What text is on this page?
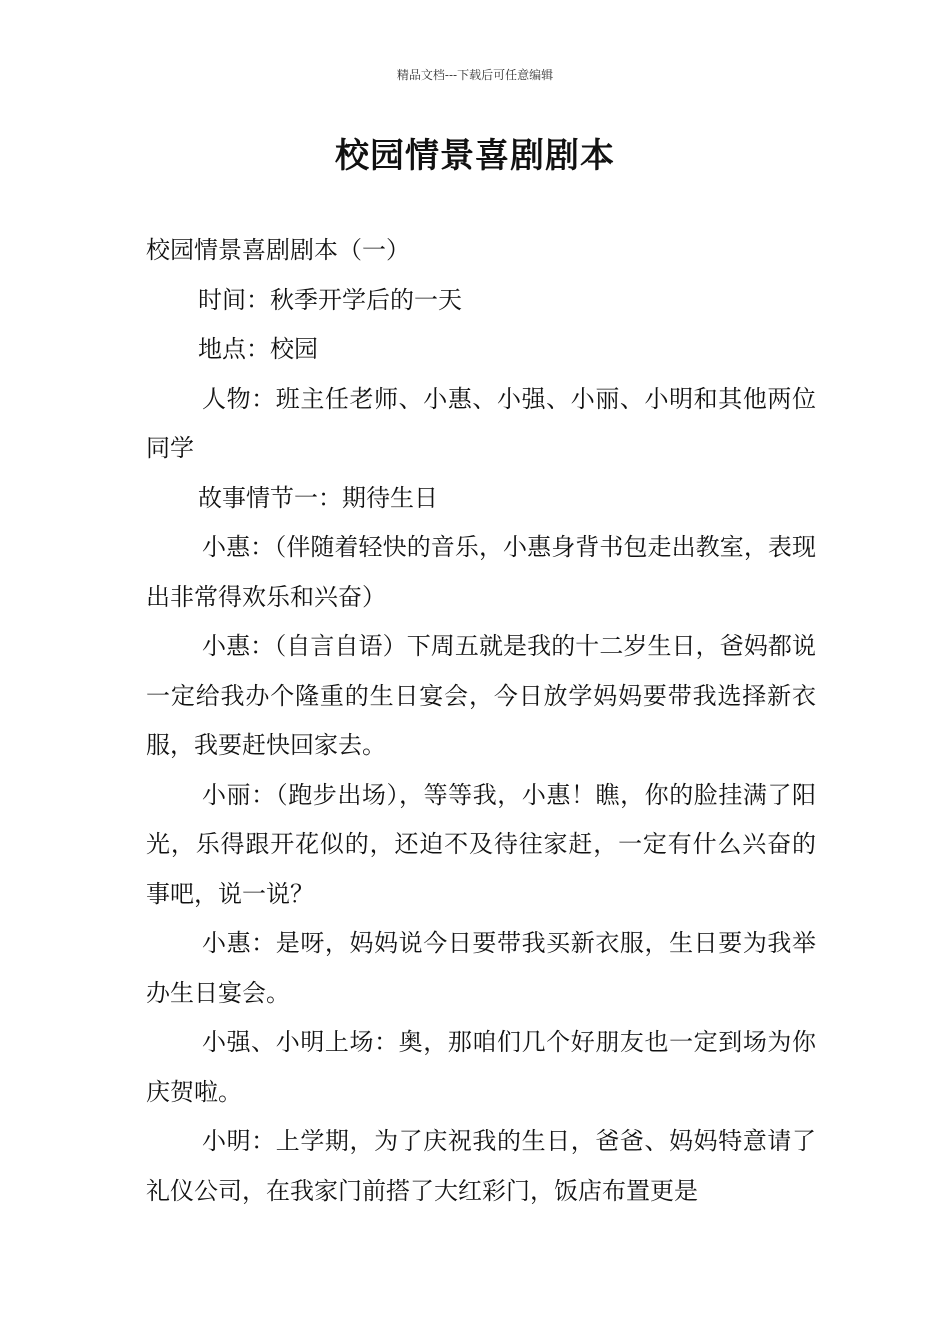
精品文档---下载后可任意编辑
校园情景喜剧剧本

校园情景喜剧剧本（一）

时间：秋季开学后的一天

地点：校园

人物：班主任老师、小惠、小强、小丽、小明和其他两位同学

故事情节一：期待生日

小惠：（伴随着轻快的音乐，小惠身背书包走出教室，表现出非常得欢乐和兴奋）

小惠：（自言自语）下周五就是我的十二岁生日，爸妈都说一定给我办个隆重的生日宴会，今日放学妈妈要带我选择新衣服，我要赶快回家去。

小丽：（跑步出场），等等我，小惠！瞧，你的脸挂满了阳光，乐得跟开花似的，还迫不及待往家赶，一定有什么兴奋的事吧，说一说？

小惠：是呀，妈妈说今日要带我买新衣服，生日要为我举办生日宴会。

小强、小明上场：奥，那咱们几个好朋友也一定到场为你庆贺啦。

小明：上学期，为了庆祝我的生日，爸爸、妈妈特意请了礼仪公司，在我家门前搭了大红彩门，饭店布置更是
